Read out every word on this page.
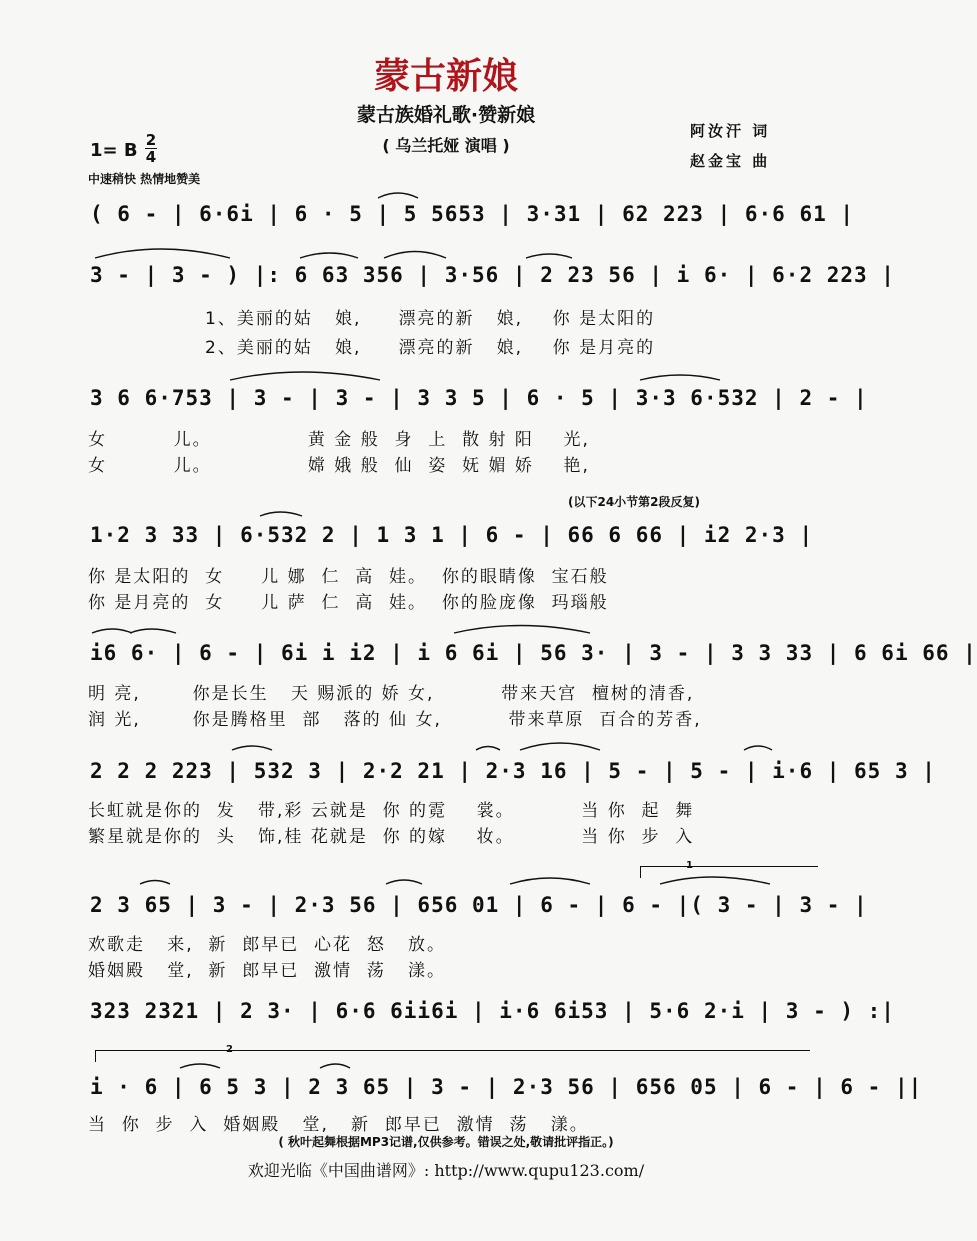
蒙古新娘
蒙古族婚礼歌·赞新娘
( 乌兰托娅 演唱 )
阿汝汗 词
赵金宝 曲
1= B 2
4
中速稍快 热情地赞美
( 6 - | 6·6i | 6 · 5 | 5 5653 | 3·31 | 62 223 | 6·6 61 |
3 - | 3 - ) |: 6 63 356 | 3·56 | 2 23 56 | i 6· | 6·2 223 |
1、美丽的姑   娘,     漂亮的新   娘,    你 是太阳的
2、美丽的姑   娘,     漂亮的新   娘,    你 是月亮的
3 6 6·753 | 3 - | 3 - | 3 3 5 | 6 · 5 | 3·3 6·532 | 2 - |
女         儿。             黄 金 般  身  上  散 射 阳    光,
女         儿。             嫦 娥 般  仙  姿  妩 媚 娇    艳,
(以下24小节第2段反复)
1·2 3 33 | 6·532 2 | 1 3 1 | 6 - | 66 6 66 | i2 2·3 |
你 是太阳的  女     儿 娜  仁  高  娃。  你的眼睛像  宝石般
你 是月亮的  女     儿 萨  仁  高  娃。  你的脸庞像  玛瑙般
i6 6· | 6 - | 6i i i2 | i 6 6i | 56 3· | 3 - | 3 3 33 | 6 6i 66 |
明 亮,       你是长生   天 赐派的 娇 女,         带来天宫  檀树的清香,
润 光,       你是腾格里  部   落的 仙 女,         带来草原  百合的芳香,
2 2 2 223 | 532 3 | 2·2 21 | 2·3 16 | 5 - | 5 - | i·6 | 65 3 |
长虹就是你的  发   带,彩 云就是  你 的霓    裳。         当 你  起  舞
繁星就是你的  头   饰,桂 花就是  你 的嫁    妆。         当 你  步  入
1
2 3 65 | 3 - | 2·3 56 | 656 01 | 6 - | 6 - |( 3 - | 3 - |
欢歌走   来,  新  郎早已  心花  怒   放。
婚姻殿   堂,  新  郎早已  激情  荡   漾。
323 2321 | 2 3· | 6·6 6ii6i | i·6 6i53 | 5·6 2·i | 3 - ) :|
2
i · 6 | 6 5 3 | 2 3 65 | 3 - | 2·3 56 | 656 05 | 6 - | 6 - ||
当  你  步  入  婚姻殿   堂,   新  郎早已  激情  荡   漾。
( 秋叶起舞根据MP3记谱,仅供参考。错误之处,敬请批评指正。)
欢迎光临《中国曲谱网》: http://www.qupu123.com/
